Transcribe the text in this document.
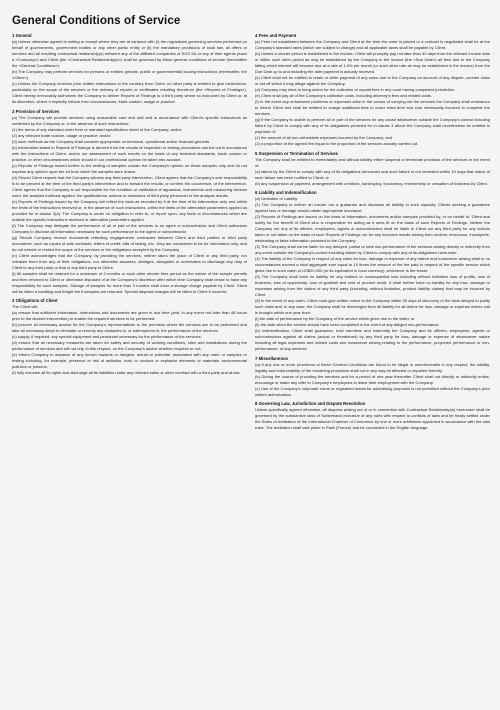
General Conditions of Service
1 General

(a) Unless otherwise agreed in writing or except where they are at variance with (i) the regulations governing services performed on behalf of governments, government bodies or any other public entity or (ii) the mandatory provisions of local law, all offers or services and all resulting contractual relationship(s) between any of the affiliated companies of SGS SA or any of their agents (each a «Company») and Client (the «Contractual Relationship(s)») shall be governed by these general conditions of service (hereinafter the «General Conditions»).

(b) The Company may perform services for persons or entities (private, public or governmental) issuing instructions (hereinafter, the «Client»).

(c) Unless the Company receives prior written instructions to the contrary from Client, no other party is entitled to give instructions, particularly on the scope of the services or the delivery of reports or certificates resulting therefrom (the «Reports of Findings»). Client hereby irrevocably authorizes the Company to deliver Reports of Findings to a third party where so instructed by Client or, at its discretion, where it implicitly follows from circumstances, trade custom, usage or practice.

2 Provision of Services

(a) The Company will provide services using reasonable care and skill and in accordance with Client's specific instructions as confirmed by the Company or, in the absence of such instructions:

(1) the terms of any standard order form or standard specification sheet of the Company; and/or

(2) any relevant trade custom, usage or practice; and/or

(3) such methods as the Company shall consider appropriate on technical, operational and/or financial grounds.

(b) Information stated in Reports of Findings is derived from the results of inspection or testing procedures carried out in accordance with the instructions of Client, and/or our assessment of such results on the basis of any technical standards, trade custom or practice, or other circumstances which should in our professional opinion be taken into account.

(c) Reports of Findings issued further to the testing of samples contain the Company's opinion on those samples only and do not express any opinion upon the lot from which the samples were drawn.

(d) Should Client request that the Company witness any third party intervention, Client agrees that the Company's sole responsibility is to be present at the time of the third party's intervention and to forward the results, or confirm the occurrence, of the intervention. Client agrees that the Company is not responsible for the condition or calibration of apparatus, instruments and measuring devices used, the analysis methods applied, the qualifications, actions or omissions of third party personnel or the analysis results.

(e) Reports of Findings issued by the Company will reflect the facts as recorded by it at the time of its intervention only and within the limits of the instructions received or, in the absence of such instructions, within the limits of the alternative parameters applied as provided for in clause 2(a). The Company is under no obligation to refer to, or report upon, any facts or circumstances which are outside the specific instructions received or alternative parameters applied.

(f) The Company may delegate the performance of all or part of the services to an agent or subcontractor and Client authorizes Company to disclose all information necessary for such performance to the agent or subcontractor.

(g) Should Company receive documents reflecting engagements contracted between Client and third parties or third party documents, such as copies of sale contracts, letters of credit, bills of lading, etc., they are considered to be for information only, and do not extend or restrict the scope of the services or the obligations accepted by the Company.

(h) Client acknowledges that the Company, by providing the services, neither takes the place of Client or any third party, nor releases them from any of their obligations, nor otherwise assumes, abridges, abrogates or undertakes to discharge any duty of Client to any third party or that of any third party to Client.

(i) All samples shall be retained for a maximum of 3 months or such other shorter time period as the nature of the sample permits and then returned to Client or otherwise disposed of at the Company's discretion after which time Company shall cease to have any responsibility for such samples. Storage of samples for more than 3 months shall incur a storage charge payable by Client. Client will be billed a handling and freight fee if samples are returned. Special disposal charges will be billed to Client if incurred.

3 Obligations of Client

The Client will:

(a) ensure that sufficient information, instructions and documents are given in due time (and, in any event not later than 48 hours prior to the desired intervention) to enable the required services to be performed;

(b) procure all necessary access for the Company's representatives to the premises where the services are to be performed and take all necessary steps to eliminate or remedy any obstacles to, or interruptions in, the performance of the services;

(c) supply, if required, any special equipment and personnel necessary for the performance of the services;

(d) ensure that all necessary measures are taken for safety and security of working conditions, sites and installations during the performance of services and will not rely, in this respect, on the Company's advice whether required or not;

(e) inform Company in advance of any known hazards or dangers, actual or potential, associated with any order or samples or testing including, for example, presence or risk of radiation, toxic or noxious or explosive elements or materials, environmental pollution or poisons;

(f) fully exercise all its rights and discharge all its liabilities under any relevant sales or other contract with a third party and at law.

4 Fees and Payment

(a) Fees not established between the Company and Client at the time the order is placed or a contract is negotiated shall be at the Company's standard rates (which are subject to change) and all applicable taxes shall be payable by Client.

(b) Unless a shorter period is established in the invoice, Client will promptly pay not later than 30 days from the relevant invoice date or within such other period as may be established by the Company in the invoice (the «Due Date») all fees due to the Company failing which interest will become due at a rate of 1.5% per month (or such other rate as may be established in the invoice) from the Due Date up to and including the date payment is actually received.

(c) Client shall not be entitled to retain or defer payment of any sums due to the Company on account of any dispute, counter claim or set off which it may allege against the Company.

(d) Company may elect to bring action for the collection of unpaid fees in any court having competent jurisdiction.

(e) Client shall pay all of the Company's collection costs, including attorney's fees and related costs.

(f) In the event any unforeseen problems or expenses arise in the course of carrying out the services the Company shall endeavour to inform Client and shall be entitled to charge additional fees to cover extra time and cost necessarily incurred to complete the services.

(g) If the Company is unable to perform all or part of the services for any cause whatsoever outside the Company's control including failure by Client to comply with any of its obligations provided for in clause 3 above the Company shall nevertheless be entitled to payment of:

(1) the amount of all non-refundable expenses incurred by the Company; and

(2) a proportion of the agreed fee equal to the proportion of the services actually carried out.

5 Suspension or Termination of Services

The Company shall be entitled to immediately and without liability either suspend or terminate provision of the services in the event of:

(a) failure by the Client to comply with any of its obligations hereunder and such failure is not remedied within 10 days that notice of such failure has been notified to Client; or

(b) any suspension of payment, arrangement with creditors, bankruptcy, insolvency, receivership or cessation of business by Client.

6 Liability and Indemnification

(a) Limitation of Liability:

(1) The Company is neither an insurer nor a guarantor and disclaims all liability in such capacity. Clients seeking a guarantee against loss or damage should obtain appropriate insurance.

(2) Reports of Findings are issued on the basis of information, documents and/or samples provided by, or on behalf of, Client and solely for the benefit of Client who is responsible for acting as it sees fit on the basis of such Reports of Findings. Neither the Company nor any of its officers, employees, agents or subcontractors shall be liable to Client nor any third party for any actions taken or not taken on the basis of such Reports of Findings nor for any incorrect results arising from unclear, erroneous, incomplete, misleading or false information provided to the Company.

(3) The Company shall not be liable for any delayed, partial or total non-performance of the services arising directly or indirectly from any event outside the Company's control including failure by Client to comply with any of its obligations hereunder.

(4) The liability of the Company in respect of any claim for loss, damage or expense of any nature and howsoever arising shall in no circumstances exceed a total aggregate sum equal to 10 times the amount of the fee paid in respect of the specific service which gives rise to such claim or US$20,000 (or its equivalent in local currency), whichever is the lesser.

(5) The Company shall have no liability for any indirect or consequential loss including without limitation loss of profits, loss of business, loss of opportunity, loss of goodwill and cost of product recall. It shall further have no liability for any loss, damage or expenses arising from the claims of any third party (including, without limitation, product liability claims) that may be incurred by Client.

(6) In the event of any claim, Client must give written notice to the Company within 30 days of discovery of the facts alleged to justify such claim and, in any case, the Company shall be discharged from all liability for all claims for loss, damage or expense unless suit is brought within one year from:

(i) the date of performance by the Company of the service which gives rise to the claim; or

(ii) the date when the service should have been completed in the event of any alleged non-performance.

(b) Indemnification: Client shall guarantee, hold harmless and indemnify the Company and its officers, employees, agents or subcontractors against all claims (actual or threatened) by any third party for loss, damage or expense of whatsoever nature including all legal expenses and related costs and howsoever arising relating to the performance, purported performance or non-performance, of any services.

7 Miscellaneous

(a) If any one or more provisions of these General Conditions are found to be illegal or unenforceable in any respect, the validity, legality and enforceability of the remaining provisions shall not in any way be affected or impaired thereby.

(b) During the course of providing the services and for a period of one year thereafter Client shall not directly or indirectly entice, encourage or make any offer to Company's employees to leave their employment with the Company.

(c) Use of the Company's corporate name or registered marks for advertising purposes is not permitted without the Company's prior written authorization.

8 Governing Law, Jurisdiction and Dispute Resolution

Unless specifically agreed otherwise, all disputes arising out of or in connection with Contractual Relationship(s) hereunder shall be governed by the substantive laws of Switzerland exclusive of any rules with respect to conflicts of laws and be finally settled under the Rules of Arbitration of the International Chamber of Commerce by one or more arbitrators appointed in accordance with the said rules. The arbitration shall take place in Paris (France) and be conducted in the English language.
